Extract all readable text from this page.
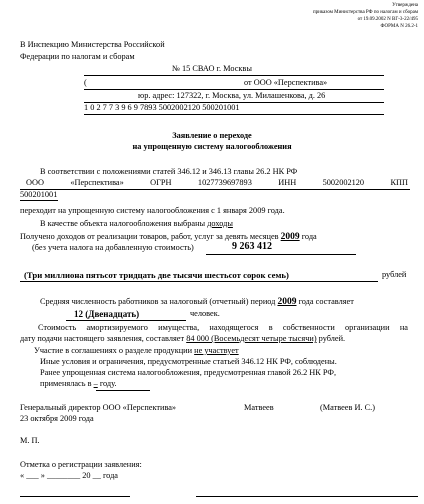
Утверждена
приказом Министерства РФ по налогам и сборам
от 19.09.2002 N ВГ-3-22/495
ФОРМА N 26.2-1
В Инспекцию Министерства Российской
Федерации по налогам и сборам
№ 15 СВАО г. Москвы
(	от ООО «Перспектива»
юр. адрес: 127322, г. Москва, ул. Милашенкова, д. 26
1 0 2 7 7 3 9 6 9 7893 5002002120 500201001
Заявление о переходе
на упрощенную систему налогообложения
В соответствии с положениями статей 346.12 и 346.13 главы 26.2 НК РФ
ООО	«Перспектива»	ОГРН	1027739697893	ИНН	5002002120	КПП
500201001
переходит на упрощенную систему налогообложения с 1 января 2009 года.
В качестве объекта налогообложения выбраны доходы
Получено доходов от реализации товаров, работ, услуг за девять месяцев 2009 года
(без учета налога на добавленную стоимость)	9 263 412
(Три миллиона пятьсот тридцать две тысячи шестьсот сорок семь)	рублей
Средняя численность работников за налоговый (отчетный) период 2009 года составляет
12 (Двенадцать)	человек.
Стоимость амортизируемого имущества, находящегося в собственности организации на
дату подачи настоящего заявления, составляет 84 000 (Восемьдесят четыре тысячи) рублей.
Участие в соглашениях о разделе продукции не участвует
Иные условия и ограничения, предусмотренные статьей 346.12 НК РФ, соблюдены.
Ранее упрощенная система налогообложения, предусмотренная главой 26.2 НК РФ,
применялась в – году.
Генеральный директор ООО «Перспектива»	Матвеев	(Матвеев И. С.)
23 октября 2009 года
М. П.
Отметка о регистрации заявления:
« ___ » ________ 20 __ года
